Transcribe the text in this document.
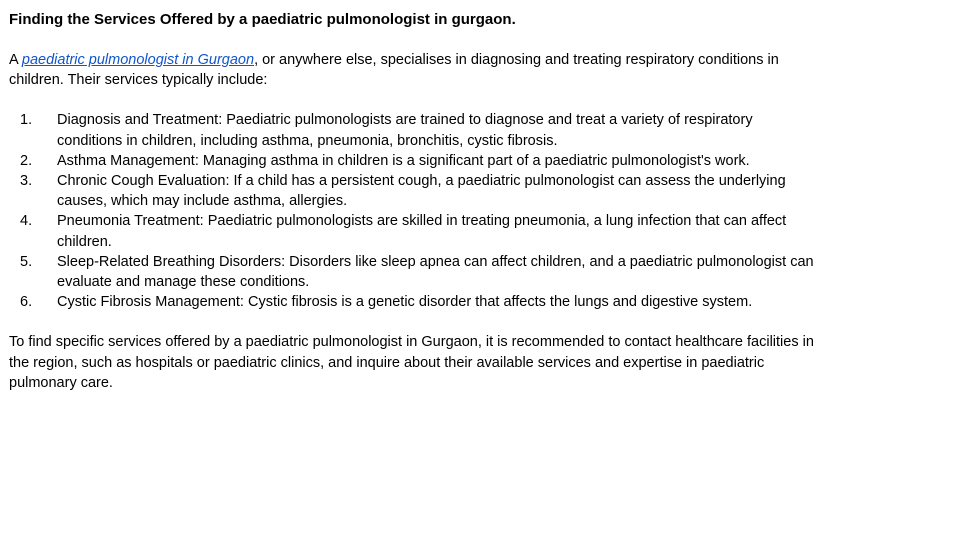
Finding the Services Offered by a paediatric pulmonologist in gurgaon.

A paediatric pulmonologist in Gurgaon, or anywhere else, specialises in diagnosing and treating respiratory conditions in children. Their services typically include:

1. Diagnosis and Treatment: Paediatric pulmonologists are trained to diagnose and treat a variety of respiratory conditions in children, including asthma, pneumonia, bronchitis, cystic fibrosis.
2. Asthma Management: Managing asthma in children is a significant part of a paediatric pulmonologist's work.
3. Chronic Cough Evaluation: If a child has a persistent cough, a paediatric pulmonologist can assess the underlying causes, which may include asthma, allergies.
4. Pneumonia Treatment: Paediatric pulmonologists are skilled in treating pneumonia, a lung infection that can affect children.
5. Sleep-Related Breathing Disorders: Disorders like sleep apnea can affect children, and a paediatric pulmonologist can evaluate and manage these conditions.
6. Cystic Fibrosis Management: Cystic fibrosis is a genetic disorder that affects the lungs and digestive system.

To find specific services offered by a paediatric pulmonologist in Gurgaon, it is recommended to contact healthcare facilities in the region, such as hospitals or paediatric clinics, and inquire about their available services and expertise in paediatric pulmonary care.
